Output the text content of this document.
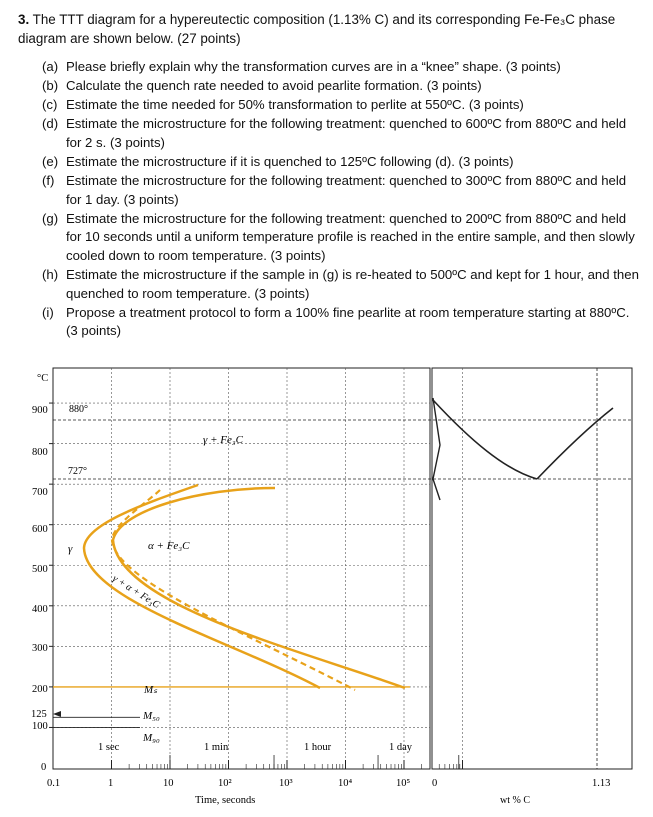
3. The TTT diagram for a hypereutectic composition (1.13% C) and its corresponding Fe-Fe₃C phase diagram are shown below. (27 points)
(a) Please briefly explain why the transformation curves are in a “knee” shape. (3 points)
(b) Calculate the quench rate needed to avoid pearlite formation. (3 points)
(c) Estimate the time needed for 50% transformation to perlite at 550ºC. (3 points)
(d) Estimate the microstructure for the following treatment: quenched to 600ºC from 880ºC and held for 2 s. (3 points)
(e) Estimate the microstructure if it is quenched to 125ºC following (d). (3 points)
(f) Estimate the microstructure for the following treatment: quenched to 300ºC from 880ºC and held for 1 day. (3 points)
(g) Estimate the microstructure for the following treatment: quenched to 200ºC from 880ºC and held for 10 seconds until a uniform temperature profile is reached in the entire sample, and then slowly cooled down to room temperature. (3 points)
(h) Estimate the microstructure if the sample in (g) is re-heated to 500ºC and kept for 1 hour, and then quenched to room temperature. (3 points)
(i) Propose a treatment protocol to form a 100% fine pearlite at room temperature starting at 880ºC. (3 points)
°C
900
800
700
600
500
400
300
200
125
100
0
0.1	1	10	10²	10³	10⁴	10⁵
Time, seconds
1 sec	1 min	1 hour	1 day
880°
727°
γ + Fe₃C
α + Fe₃C
γ
γ + α + Fe₃C
Mₛ
M₅₀
M₉₀
0	1.13
wt % C
